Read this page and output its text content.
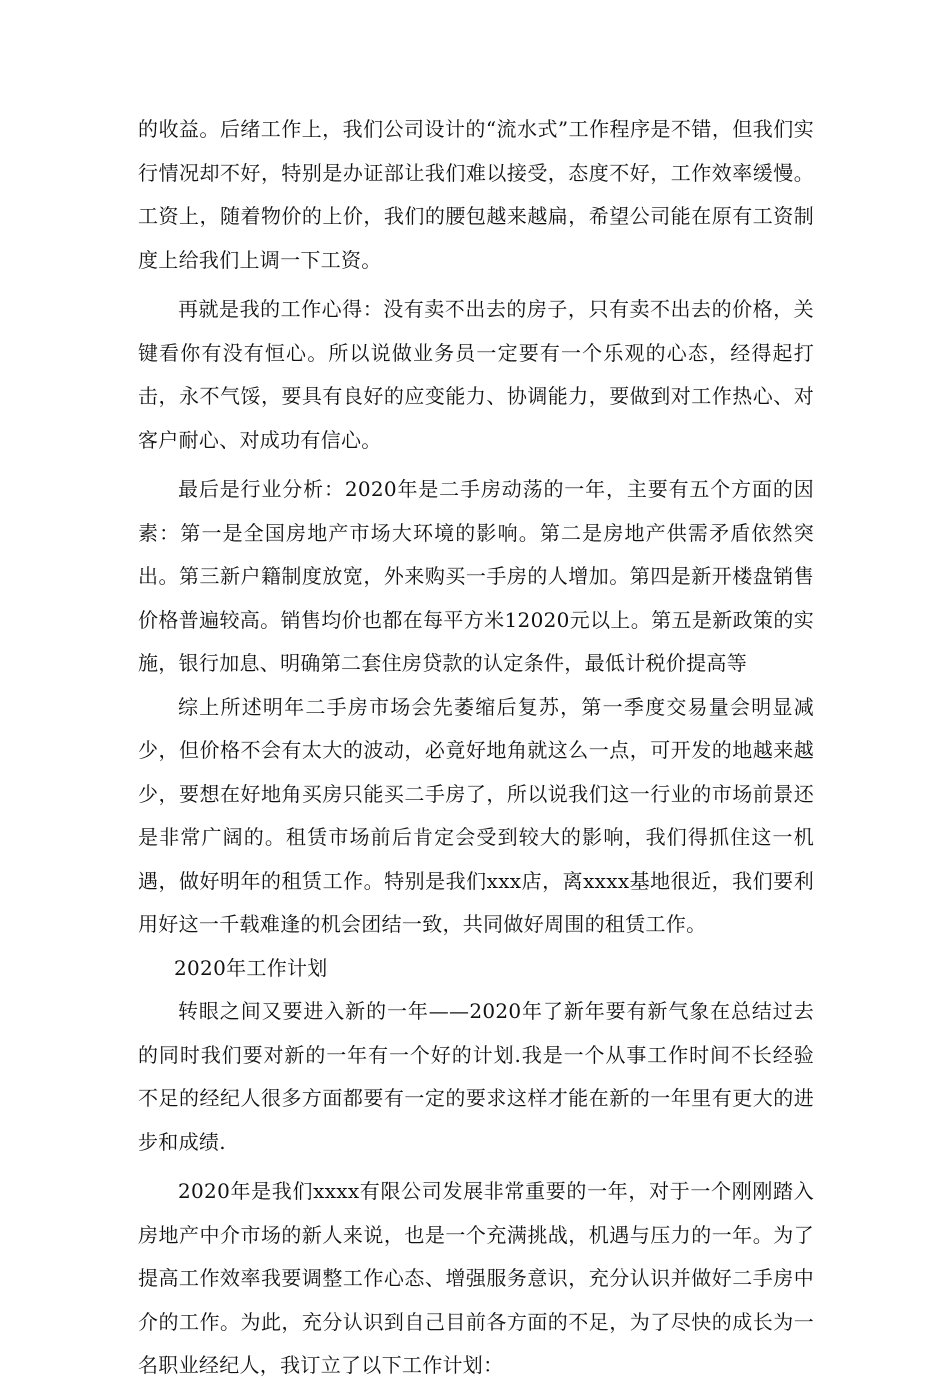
的收益。后绪工作上，我们公司设计的“流水式”工作程序是不错，但我们实行情况却不好，特别是办证部让我们难以接受，态度不好，工作效率缓慢。工资上，随着物价的上价，我们的腰包越来越扁，希望公司能在原有工资制度上给我们上调一下工资。

再就是我的工作心得：没有卖不出去的房子，只有卖不出去的价格，关键看你有没有恒心。所以说做业务员一定要有一个乐观的心态，经得起打击，永不气馁，要具有良好的应变能力、协调能力，要做到对工作热心、对客户耐心、对成功有信心。

最后是行业分析：2020年是二手房动荡的一年，主要有五个方面的因素：第一是全国房地产市场大环境的影响。第二是房地产供需矛盾依然突出。第三新户籍制度放宽，外来购买一手房的人增加。第四是新开楼盘销售价格普遍较高。销售均价也都在每平方米12020元以上。第五是新政策的实施，银行加息、明确第二套住房贷款的认定条件，最低计税价提高等

综上所述明年二手房市场会先萎缩后复苏，第一季度交易量会明显减少，但价格不会有太大的波动，必竟好地角就这么一点，可开发的地越来越少，要想在好地角买房只能买二手房了，所以说我们这一行业的市场前景还是非常广阔的。租赁市场前后肯定会受到较大的影响，我们得抓住这一机遇，做好明年的租赁工作。特别是我们xxx店，离xxxx基地很近，我们要利用好这一千载难逢的机会团结一致，共同做好周围的租赁工作。

2020年工作计划

转眼之间又要进入新的一年——2020年了新年要有新气象在总结过去的同时我们要对新的一年有一个好的计划.我是一个从事工作时间不长经验不足的经纪人很多方面都要有一定的要求这样才能在新的一年里有更大的进步和成绩.

2020年是我们xxxx有限公司发展非常重要的一年，对于一个刚刚踏入房地产中介市场的新人来说，也是一个充满挑战，机遇与压力的一年。为了提高工作效率我要调整工作心态、增强服务意识，充分认识并做好二手房中介的工作。为此，充分认识到自己目前各方面的不足，为了尽快的成长为一名职业经纪人，我订立了以下工作计划：
